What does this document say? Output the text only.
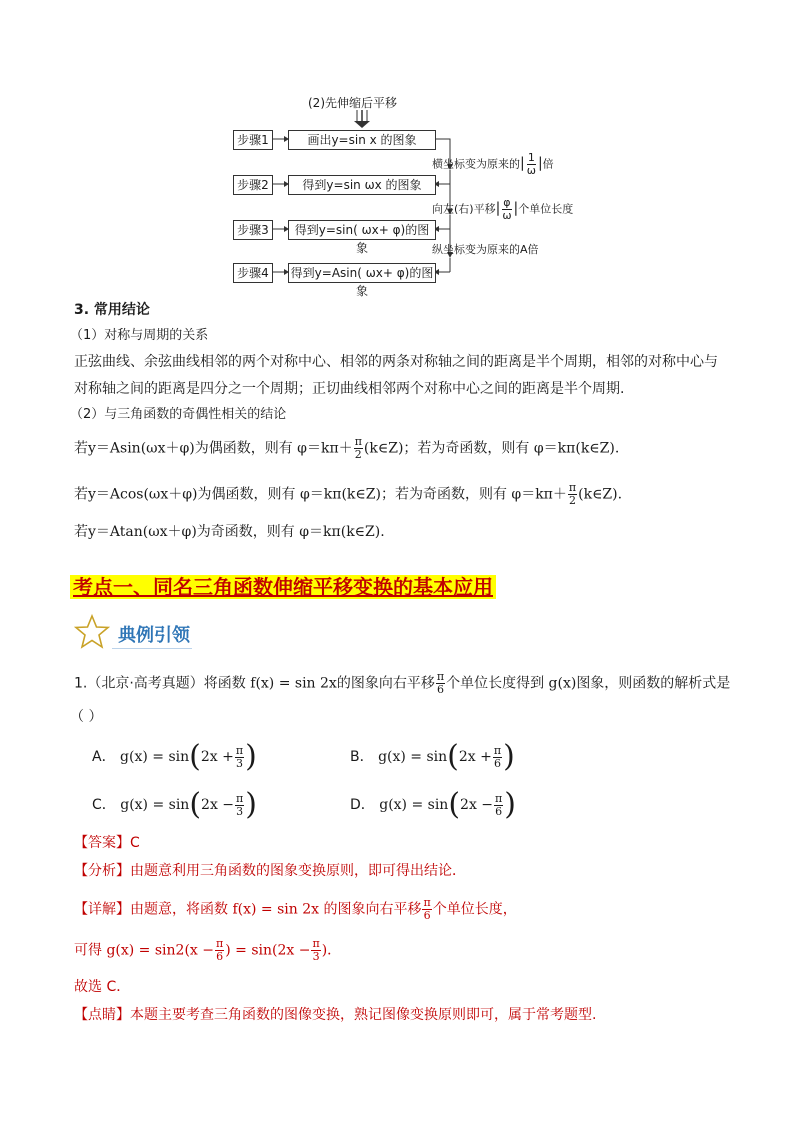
(2)先伸缩后平移
步骤1	画出y=sin x 的图象
步骤2	得到y=sin ωx 的图象
步骤3	得到y=sin( ωx+ φ)的图象
步骤4	得到y=Asin( ωx+ φ)的图象
横坐标变为原来的| $\frac{1}{\omega}$ |倍
向左(右)平移| $\frac{\varphi}{\omega}$ |个单位长度
纵坐标变为原来的A倍
3. 常用结论
（1）对称与周期的关系
正弦曲线、余弦曲线相邻的两个对称中心、相邻的两条对称轴之间的距离是半个周期，相邻的对称中心与
对称轴之间的距离是四分之一个周期；正切曲线相邻两个对称中心之间的距离是半个周期.
（2）与三角函数的奇偶性相关的结论
若y＝Asin(ωx＋φ)为偶函数，则有 $\varphi=k\pi+ \frac{\pi}{2}$ (k∈Z)；若为奇函数，则有 φ＝kπ(k∈Z).
若y＝Acos(ωx＋φ)为偶函数，则有 φ＝kπ(k∈Z)；若为奇函数，则有 $\varphi=k\pi+ \frac{\pi}{2}$ (k∈Z).
若y＝Atan(ωx＋φ)为奇函数，则有 φ＝kπ(k∈Z).
考点一、同名三角函数伸缩平移变换的基本应用
典例引领
1.（北京·高考真题）将函数 f(x) = sin 2x的图象向右平移 $\frac{\pi}{6}$ 个单位长度得到 g(x)图象，则函数的解析式是
（ ）
A． $g(x) = \sin(2x + \frac{\pi}{3}$ )	B． $g(x) = \sin(2x + \frac{\pi}{6}$ )
C． $g(x) = \sin(2x - \frac{\pi}{3}$ )	D． $g(x) = \sin(2x - \frac{\pi}{6}$ )
【答案】C
【分析】由题意利用三角函数的图象变换原则，即可得出结论．
【详解】由题意，将函数 f(x) = sin 2x 的图象向右平移 $\frac{\pi}{6}$ 个单位长度，
可得 $g(x) = \sin 2(x - \frac{\pi}{6}$ ) = $\sin(2x - \frac{\pi}{3}$ )．
故选 C．
【点睛】本题主要考查三角函数的图像变换，熟记图像变换原则即可，属于常考题型.
